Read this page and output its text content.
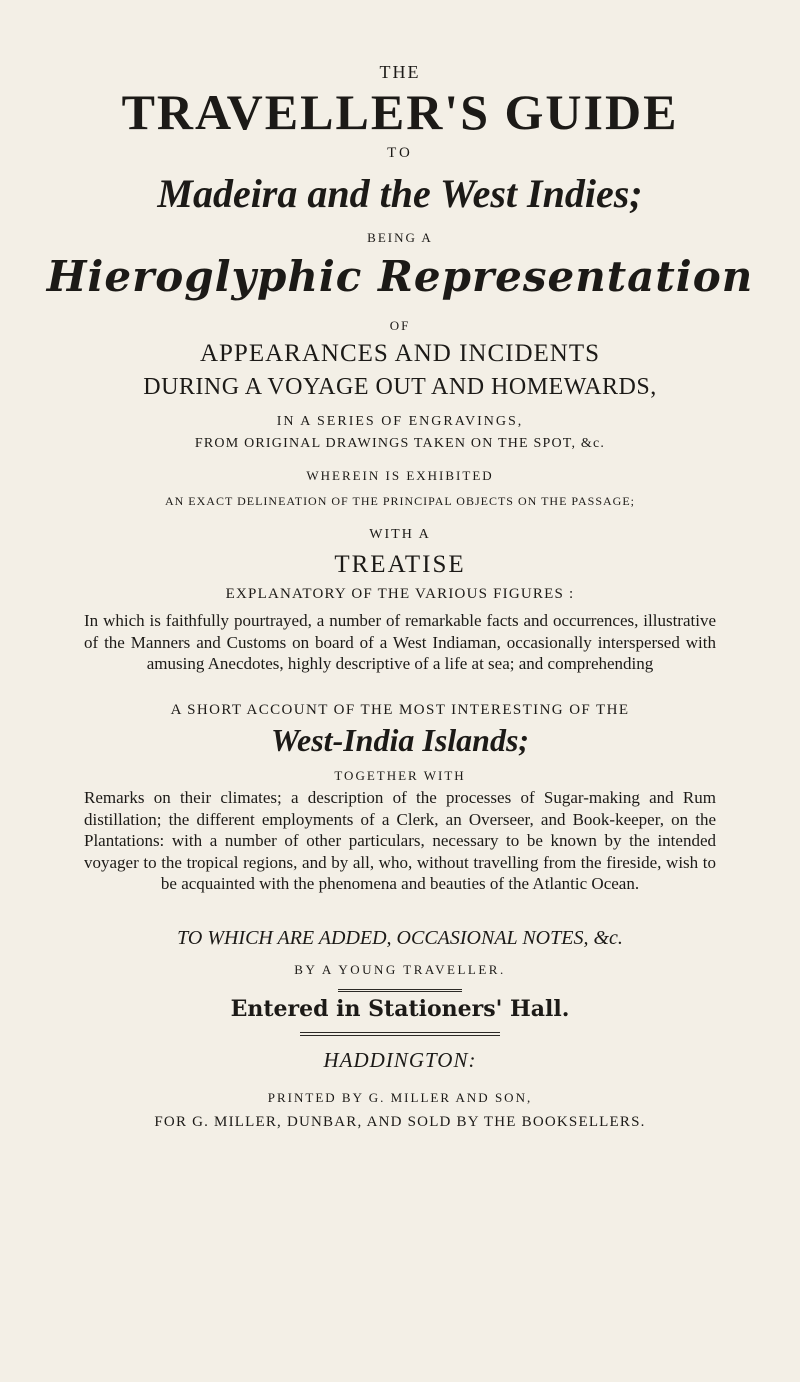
THE
TRAVELLER'S GUIDE
TO
Madeira and the West Indies;
BEING A
Hieroglyphic Representation
OF
APPEARANCES AND INCIDENTS
DURING A VOYAGE OUT AND HOMEWARDS,
IN A SERIES OF ENGRAVINGS,
FROM ORIGINAL DRAWINGS TAKEN ON THE SPOT, &c.
WHEREIN IS EXHIBITED
AN EXACT DELINEATION OF THE PRINCIPAL OBJECTS ON THE PASSAGE;
WITH A
TREATISE
EXPLANATORY OF THE VARIOUS FIGURES :
In which is faithfully pourtrayed, a number of remarkable facts and occurrences, illustrative of the Manners and Customs on board of a West Indiaman, occasionally interspersed with amusing Anecdotes, highly descriptive of a life at sea; and comprehending
A SHORT ACCOUNT OF THE MOST INTERESTING OF THE
West-India Islands;
TOGETHER WITH
Remarks on their climates; a description of the processes of Sugar-making and Rum distillation; the different employments of a Clerk, an Overseer, and Book-keeper, on the Plantations: with a number of other particulars, necessary to be known by the intended voyager to the tropical regions, and by all, who, without travelling from the fireside, wish to be acquainted with the phenomena and beauties of the Atlantic Ocean.
TO WHICH ARE ADDED, OCCASIONAL NOTES, &c.
BY A YOUNG TRAVELLER.
Entered in Stationers' Hall.
HADDINGTON:
PRINTED BY G. MILLER AND SON,
FOR G. MILLER, DUNBAR, AND SOLD BY THE BOOKSELLERS.
